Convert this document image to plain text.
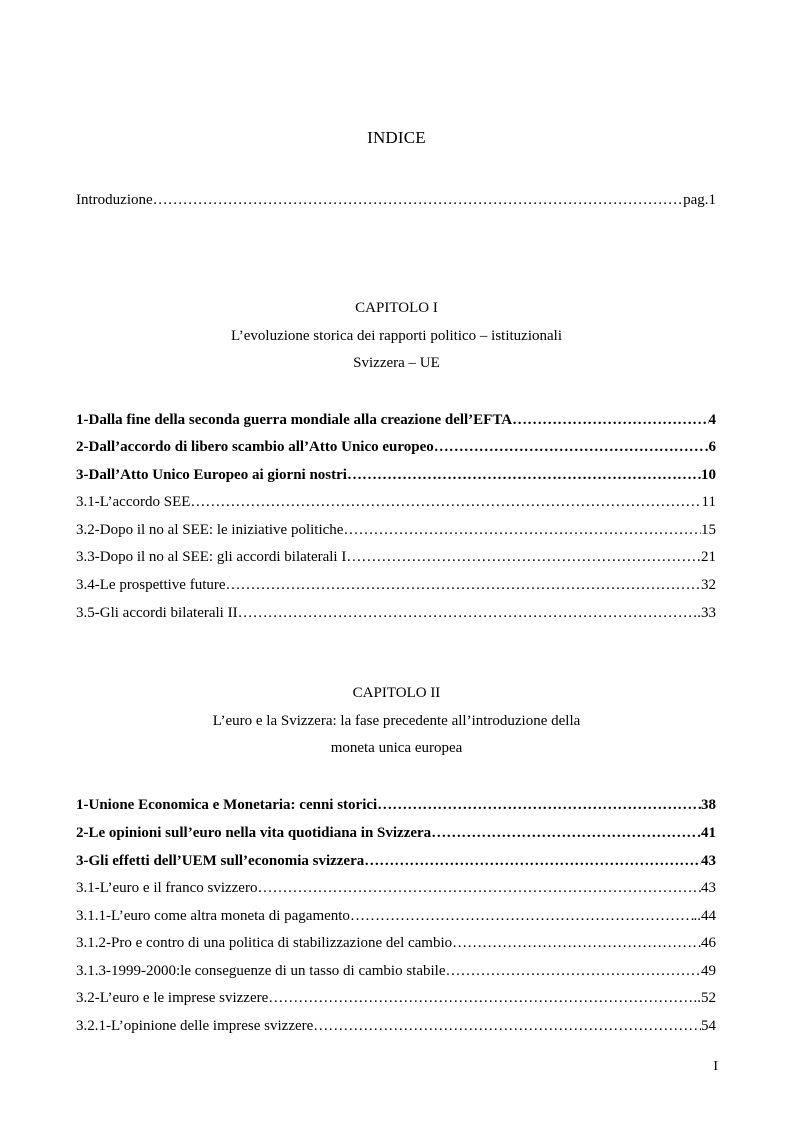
INDICE
Introduzione ……………………………………………………………………………………………………………………………………………………………………………………………………………	pag.1
CAPITOLO I
L’evoluzione storica dei rapporti politico – istituzionali
Svizzera – UE
1-Dalla fine della seconda guerra mondiale alla creazione dell’EFTA ……………………………………………………………………………………………………………………………………………………………………………………………………………	4
2-Dall’accordo di libero scambio all’Atto Unico europeo ……………………………………………………………………………………………………………………………………………………………………………………………………………	.6
3-Dall’Atto Unico Europeo ai giorni nostri ……………………………………………………………………………………………………………………………………………………………………………………………………………	10
3.1-L’accordo SEE ……………………………………………………………………………………………………………………………………………………………………………………………………………	11
3.2-Dopo il no al SEE: le iniziative politiche ……………………………………………………………………………………………………………………………………………………………………………………………………………	15
3.3-Dopo il no al SEE: gli accordi bilaterali I ……………………………………………………………………………………………………………………………………………………………………………………………………………	21
3.4-Le prospettive future ……………………………………………………………………………………………………………………………………………………………………………………………………………	32
3.5-Gli accordi bilaterali II ……………………………………………………………………………………………………………………………………………………………………………………………………………	.33
CAPITOLO II
L’euro e la Svizzera: la fase precedente all’introduzione della
moneta unica europea
1-Unione Economica e Monetaria: cenni storici ……………………………………………………………………………………………………………………………………………………………………………………………………………	38
2-Le opinioni sull’euro nella vita quotidiana in Svizzera ……………………………………………………………………………………………………………………………………………………………………………………………………………	.41
3-Gli effetti dell’UEM sull’economia svizzera ……………………………………………………………………………………………………………………………………………………………………………………………………………	43
3.1-L’euro e il franco svizzero ……………………………………………………………………………………………………………………………………………………………………………………………………………	43
3.1.1-L’euro come altra moneta di pagamento ……………………………………………………………………………………………………………………………………………………………………………………………………………	..44
3.1.2-Pro e contro di una politica di stabilizzazione del cambio ……………………………………………………………………………………………………………………………………………………………………………………………………………	46
3.1.3-1999-2000:le conseguenze di un tasso di cambio stabile ……………………………………………………………………………………………………………………………………………………………………………………………………………	49
3.2-L’euro e le imprese svizzere ……………………………………………………………………………………………………………………………………………………………………………………………………………	..52
3.2.1-L’opinione delle imprese svizzere ……………………………………………………………………………………………………………………………………………………………………………………………………………	54
I
